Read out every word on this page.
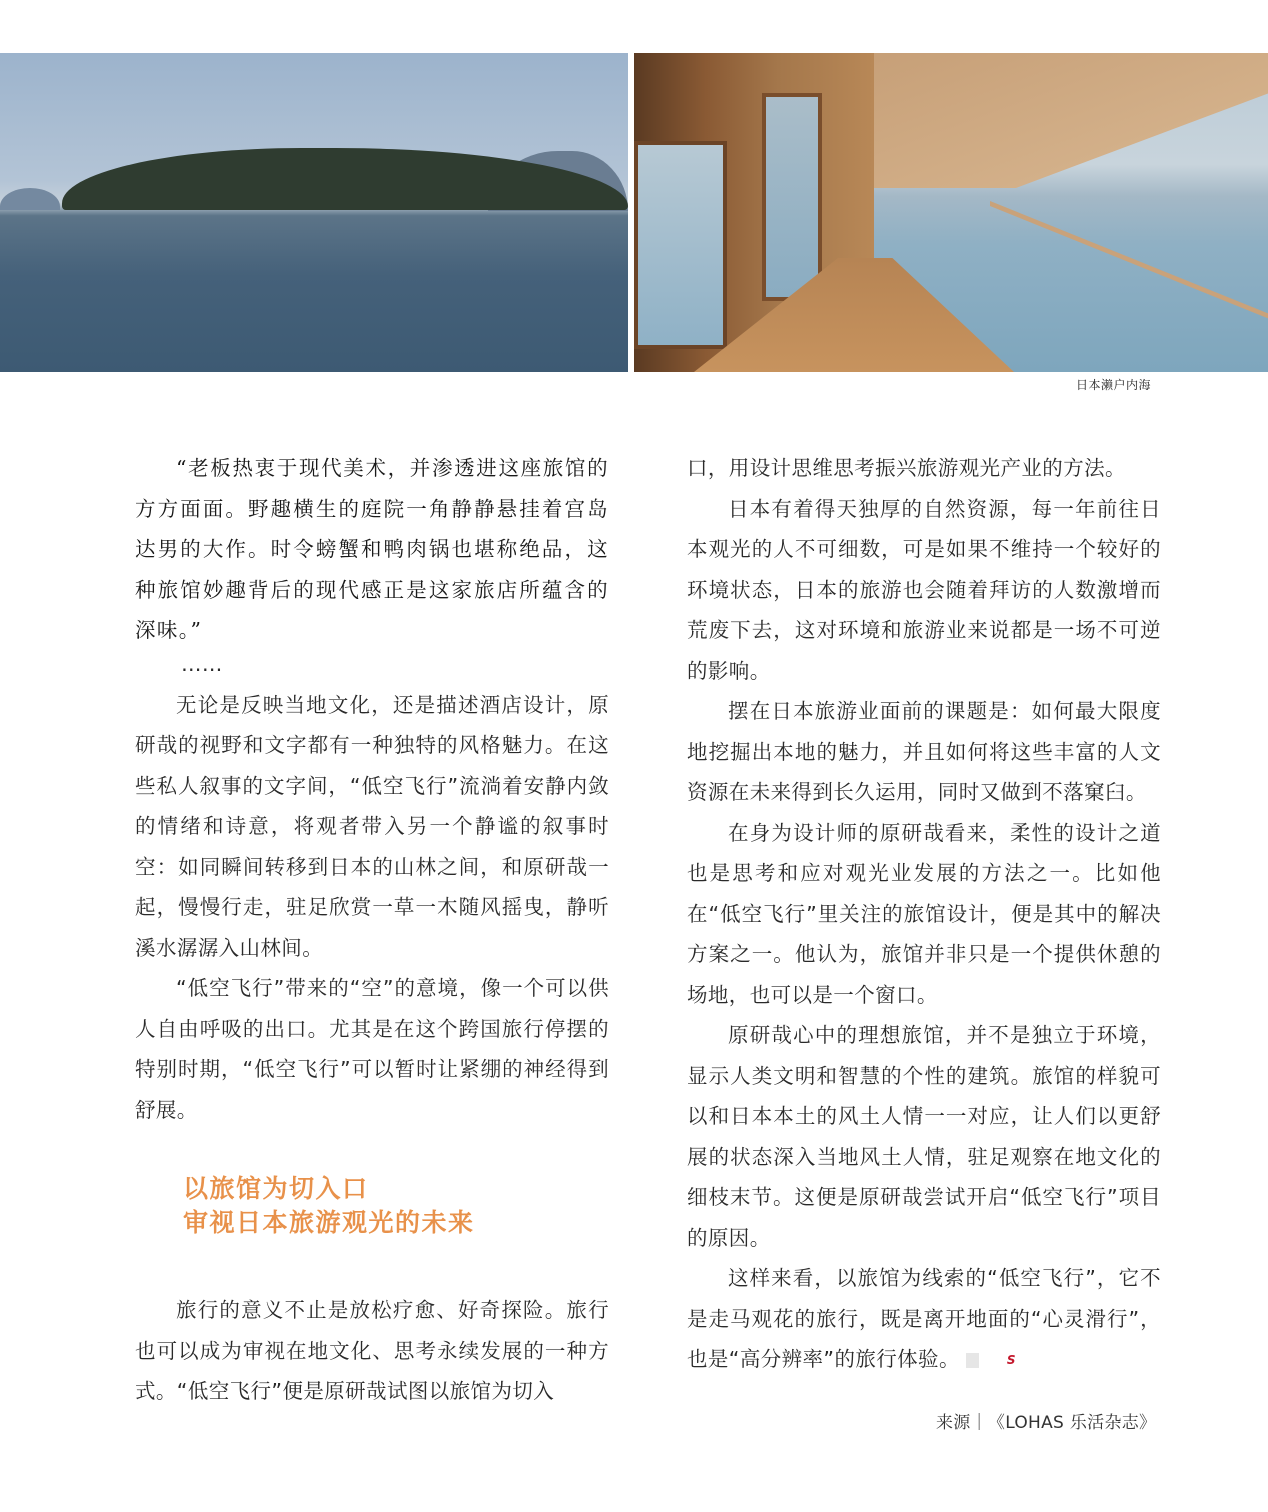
日本濑户内海

“老板热衷于现代美术，并渗透进这座旅馆的方方面面。野趣横生的庭院一角静静悬挂着宫岛达男的大作。时令螃蟹和鸭肉锅也堪称绝品，这种旅馆妙趣背后的现代感正是这家旅店所蕴含的深味。”

……

无论是反映当地文化，还是描述酒店设计，原研哉的视野和文字都有一种独特的风格魅力。在这些私人叙事的文字间，“低空飞行”流淌着安静内敛的情绪和诗意，将观者带入另一个静谧的叙事时空：如同瞬间转移到日本的山林之间，和原研哉一起，慢慢行走，驻足欣赏一草一木随风摇曳，静听溪水潺潺入山林间。

“低空飞行”带来的“空”的意境，像一个可以供人自由呼吸的出口。尤其是在这个跨国旅行停摆的特别时期，“低空飞行”可以暂时让紧绷的神经得到舒展。

以旅馆为切入口
审视日本旅游观光的未来

旅行的意义不止是放松疗愈、好奇探险。旅行也可以成为审视在地文化、思考永续发展的一种方式。“低空飞行”便是原研哉试图以旅馆为切入

口，用设计思维思考振兴旅游观光产业的方法。

日本有着得天独厚的自然资源，每一年前往日本观光的人不可细数，可是如果不维持一个较好的环境状态，日本的旅游也会随着拜访的人数激增而荒废下去，这对环境和旅游业来说都是一场不可逆的影响。

摆在日本旅游业面前的课题是：如何最大限度地挖掘出本地的魅力，并且如何将这些丰富的人文资源在未来得到长久运用，同时又做到不落窠臼。

在身为设计师的原研哉看来，柔性的设计之道也是思考和应对观光业发展的方法之一。比如他在“低空飞行”里关注的旅馆设计，便是其中的解决方案之一。他认为，旅馆并非只是一个提供休憩的场地，也可以是一个窗口。

原研哉心中的理想旅馆，并不是独立于环境，显示人类文明和智慧的个性的建筑。旅馆的样貌可以和日本本土的风土人情一一对应，让人们以更舒展的状态深入当地风土人情，驻足观察在地文化的细枝末节。这便是原研哉尝试开启“低空飞行”项目的原因。

这样来看，以旅馆为线索的“低空飞行”，它不是走马观花的旅行，既是离开地面的“心灵滑行”，也是“高分辨率”的旅行体验。	S

来源｜《LOHAS 乐活杂志》
